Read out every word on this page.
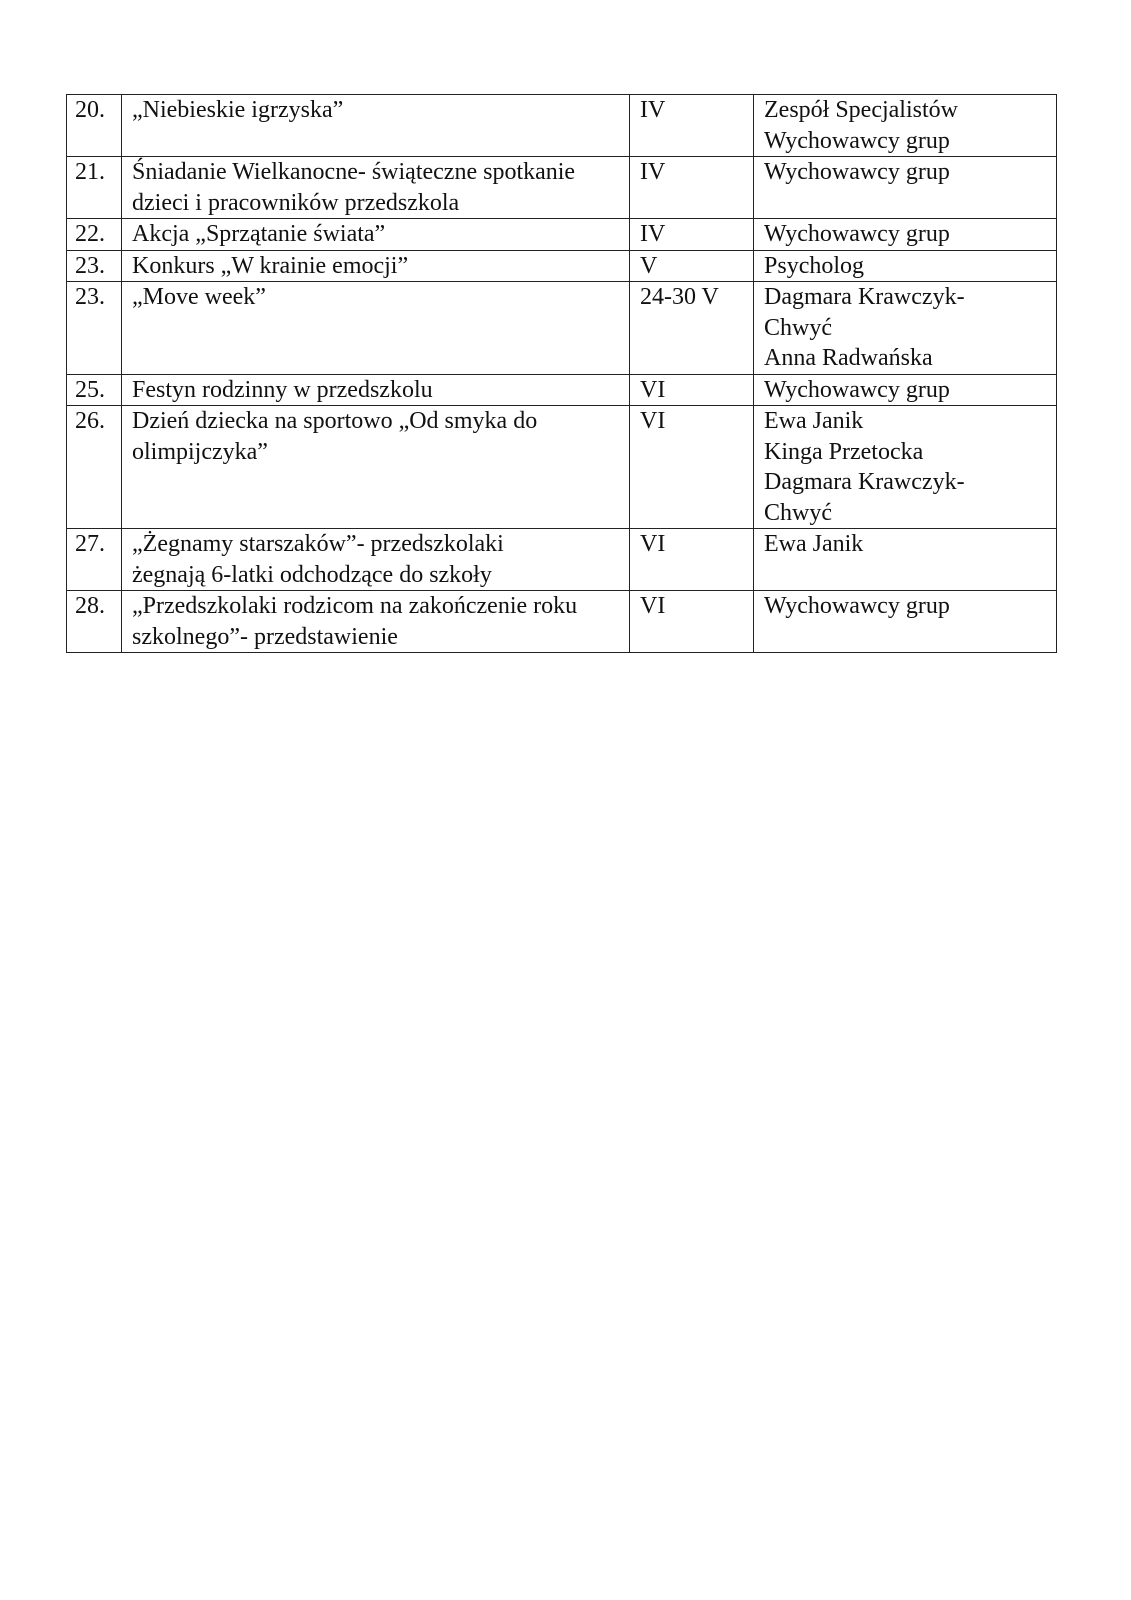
20.	„Niebieskie igrzyska”	IV	Zespół Specjalistów
Wychowawcy grup
21.	Śniadanie Wielkanocne- świąteczne spotkanie
dzieci i pracowników przedszkola	IV	Wychowawcy grup
22.	Akcja „Sprzątanie świata”	IV	Wychowawcy grup
23.	Konkurs „W krainie emocji”	V	Psycholog
23.	„Move week”	24-30 V	Dagmara Krawczyk-
Chwyć
Anna Radwańska
25.	Festyn rodzinny w przedszkolu	VI	Wychowawcy grup
26.	Dzień dziecka na sportowo „Od smyka do
olimpijczyka”	VI	Ewa Janik
Kinga Przetocka
Dagmara Krawczyk-
Chwyć
27.	„Żegnamy starszaków”- przedszkolaki
żegnają 6-latki odchodzące do szkoły	VI	Ewa Janik
28.	„Przedszkolaki rodzicom na zakończenie roku
szkolnego”- przedstawienie	VI	Wychowawcy grup
